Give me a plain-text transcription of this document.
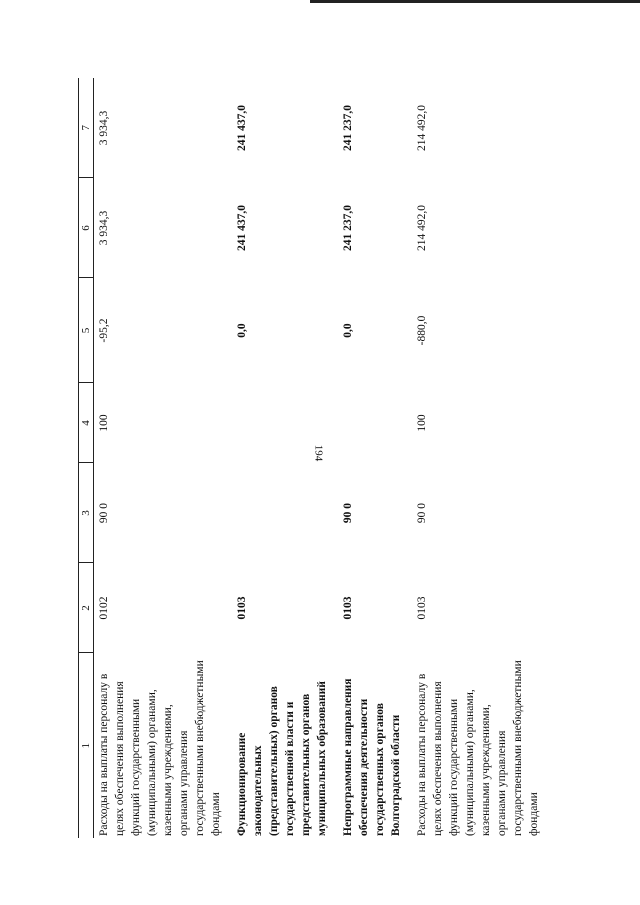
194
1	2	3	4	5	6	7
Расходы на выплаты персоналу в целях обеспечения выполнения функций государственными (муниципальными) органами, казенными учреждениями, органами управления государственными внебюджетными фондами	0102	90 0	100	-95,2	3 934,3	3 934,3
Функционирование законодательных (представительных) органов государственной власти и представительных органов муниципальных образований	0103			0,0	241 437,0	241 437,0
Непрограммные направления обеспечения деятельности государственных органов Волгоградской области	0103	90 0		0,0	241 237,0	241 237,0
Расходы на выплаты персоналу в целях обеспечения выполнения функций государственными (муниципальными) органами, казенными учреждениями, органами управления государственными внебюджетными фондами	0103	90 0	100	-880,0	214 492,0	214 492,0
